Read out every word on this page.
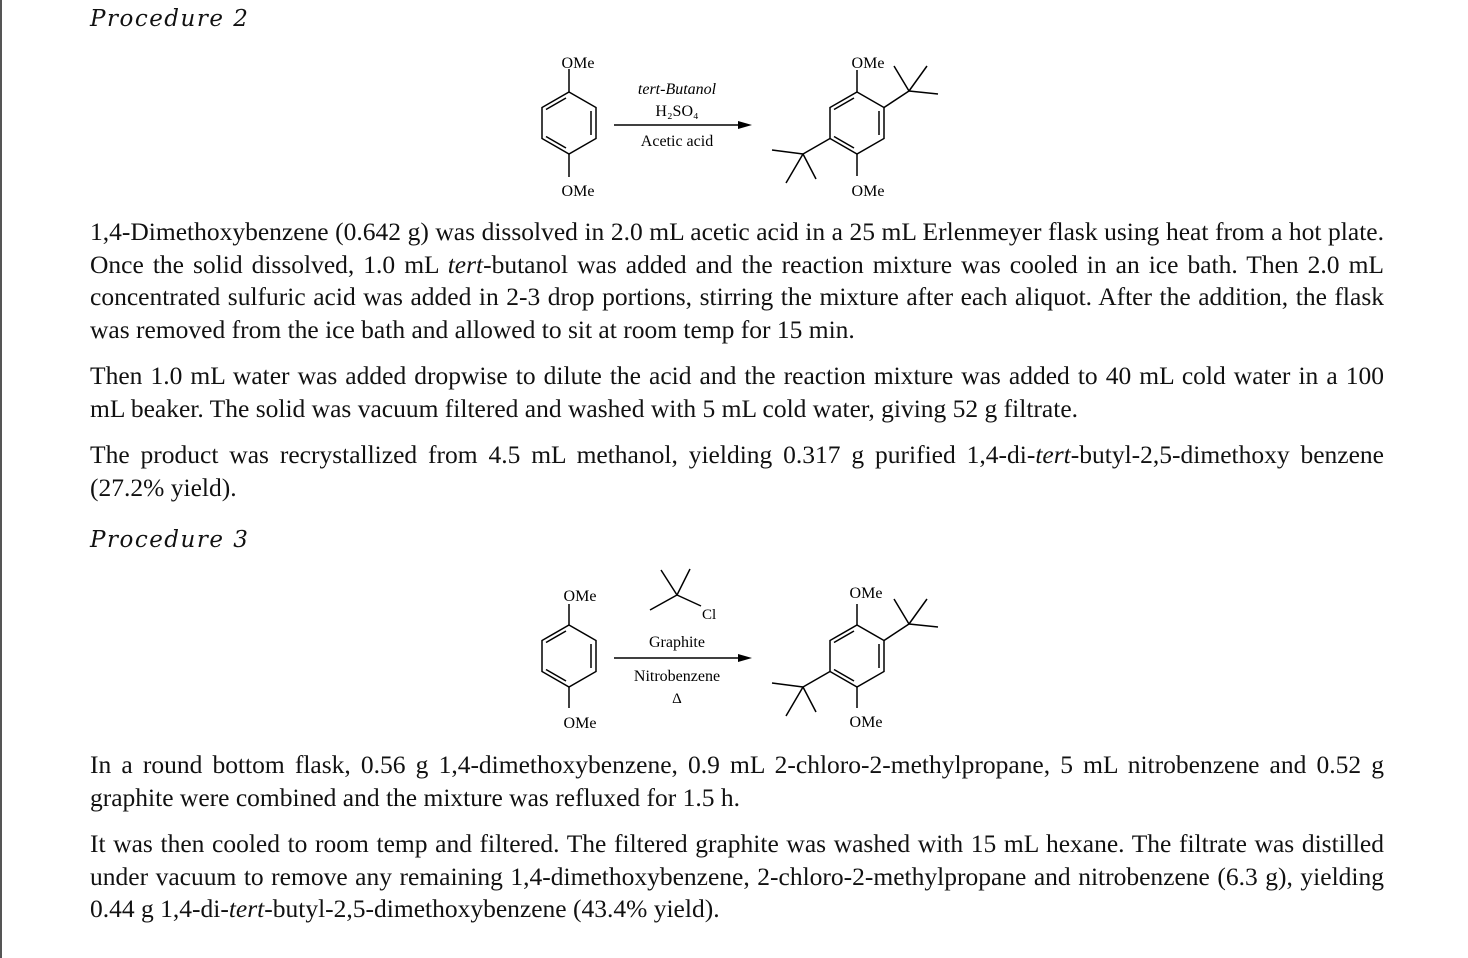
Procedure 2
OMe
OMe
OMe
OMe
tert-Butanol
H₂SO₄
Acetic acid

1,4-Dimethoxybenzene (0.642 g) was dissolved in 2.0 mL acetic acid in a 25 mL Erlenmeyer flask using heat from a hot plate. Once the solid dissolved, 1.0 mL tert-butanol was added and the reaction mixture was cooled in an ice bath. Then 2.0 mL concentrated sulfuric acid was added in 2-3 drop portions, stirring the mixture after each aliquot. After the addition, the flask was removed from the ice bath and allowed to sit at room temp for 15 min.

Then 1.0 mL water was added dropwise to dilute the acid and the reaction mixture was added to 40 mL cold water in a 100 mL beaker. The solid was vacuum filtered and washed with 5 mL cold water, giving 52 g filtrate.

The product was recrystallized from 4.5 mL methanol, yielding 0.317 g purified 1,4-di-tert-butyl-2,5-dimethoxy benzene (27.2% yield).

Procedure 3
OMe
OMe
OMe
OMe
Cl
Graphite
Nitrobenzene
Δ

In a round bottom flask, 0.56 g 1,4-dimethoxybenzene, 0.9 mL 2-chloro-2-methylpropane, 5 mL nitrobenzene and 0.52 g graphite were combined and the mixture was refluxed for 1.5 h.

It was then cooled to room temp and filtered. The filtered graphite was washed with 15 mL hexane. The filtrate was distilled under vacuum to remove any remaining 1,4-dimethoxybenzene, 2-chloro-2-methylpropane and nitrobenzene (6.3 g), yielding 0.44 g 1,4-di-tert-butyl-2,5-dimethoxybenzene (43.4% yield).
